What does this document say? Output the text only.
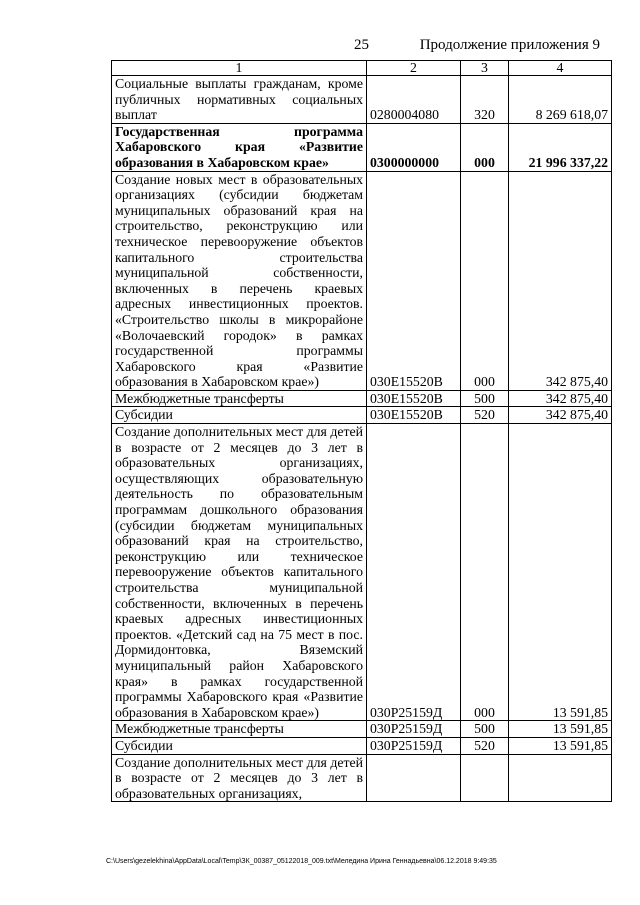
25	Продолжение приложения 9
1	2	3	4
Социальные выплаты гражданам, кроме публичных нормативных социальных выплат	0280004080	320	8 269 618,07
Государственная программа Хабаровского края «Развитие образования в Хабаровском крае»	0300000000	000	21 996 337,22
Создание новых мест в образовательных организациях (субсидии бюджетам муниципальных образований края на строительство, реконструкцию или техническое перевооружение объектов капитального строительства муниципальной собственности, включенных в перечень краевых адресных инвестиционных проектов. «Строительство школы в микрорайоне «Волочаевский городок» в рамках государственной программы Хабаровского края «Развитие образования в Хабаровском крае»)	030E15520В	000	342 875,40
Межбюджетные трансферты	030E15520В	500	342 875,40
Субсидии	030E15520В	520	342 875,40
Создание дополнительных мест для детей в возрасте от 2 месяцев до 3 лет в образовательных организациях, осуществляющих образовательную деятельность по образовательным программам дошкольного образования (субсидии бюджетам муниципальных образований края на строительство, реконструкцию или техническое перевооружение объектов капитального строительства муниципальной собственности, включенных в перечень краевых адресных инвестиционных проектов. «Детский сад на 75 мест в пос. Дормидонтовка, Вяземский муниципальный район Хабаровского края» в рамках государственной программы Хабаровского края «Развитие образования в Хабаровском крае»)	030P25159Д	000	13 591,85
Межбюджетные трансферты	030P25159Д	500	13 591,85
Субсидии	030P25159Д	520	13 591,85
Создание дополнительных мест для детей в возрасте от 2 месяцев до 3 лет в образовательных организациях,			
C:\Users\gezelekhina\AppData\Local\Temp\ЗК_00387_05122018_009.txt\Меледина Ирина Геннадьевна\06.12.2018 9:49:35
